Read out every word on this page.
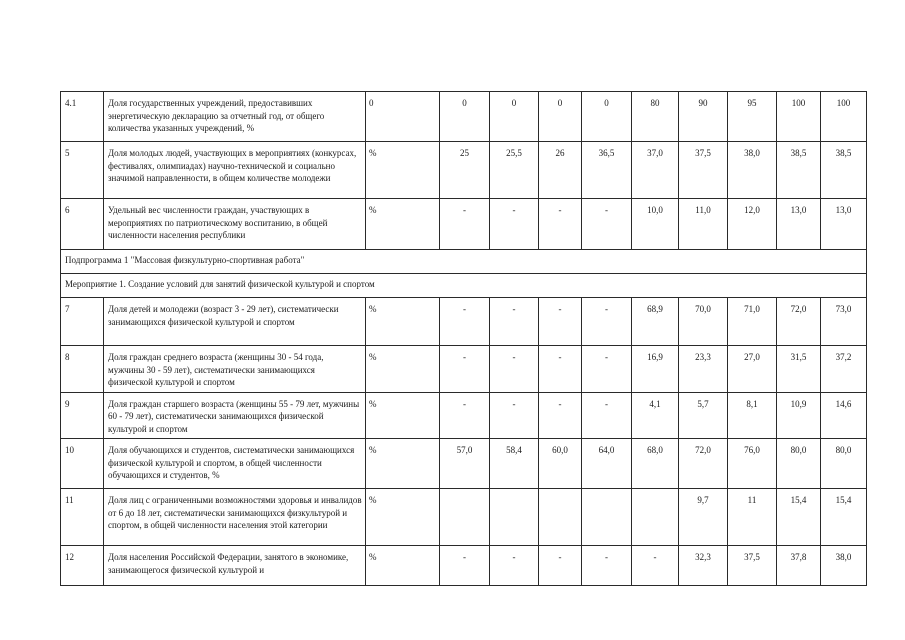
4.1	Доля государственных учреждений, предоставивших энергетическую декларацию за отчетный год, от общего количества указанных учреждений, %	0	0	0	0	0	80	90	95	100	100
5	Доля молодых людей, участвующих в мероприятиях (конкурсах, фестивалях, олимпиадах) научно-технической и социально значимой направленности, в общем количестве молодежи	%	25	25,5	26	36,5	37,0	37,5	38,0	38,5	38,5
6	Удельный вес численности граждан, участвующих в мероприятиях по патриотическому воспитанию, в общей численности населения республики	%	-	-	-	-	10,0	11,0	12,0	13,0	13,0
Подпрограмма 1 "Массовая физкультурно-спортивная работа"											
Мероприятие 1. Создание условий для занятий физической культурой и спортом											
7	Доля детей и молодежи (возраст 3 - 29 лет), систематически занимающихся физической культурой и спортом	%	-	-	-	-	68,9	70,0	71,0	72,0	73,0
8	Доля граждан среднего возраста (женщины 30 - 54 года, мужчины 30 - 59 лет), систематически занимающихся физической культурой и спортом	%	-	-	-	-	16,9	23,3	27,0	31,5	37,2
9	Доля граждан старшего возраста (женщины 55 - 79 лет, мужчины 60 - 79 лет), систематически занимающихся физической культурой и спортом	%	-	-	-	-	4,1	5,7	8,1	10,9	14,6
10	Доля обучающихся и студентов, систематически занимающихся физической культурой и спортом, в общей численности обучающихся и студентов, %	%	57,0	58,4	60,0	64,0	68,0	72,0	76,0	80,0	80,0
11	Доля лиц с ограниченными возможностями здоровья и инвалидов от 6 до 18 лет, систематически занимающихся физкультурой и спортом, в общей численности населения этой категории	%						9,7	11	15,4	15,4
12	Доля населения Российской Федерации, занятого в экономике, занимающегося физической культурой и	%	-	-	-	-	-	32,3	37,5	37,8	38,0
